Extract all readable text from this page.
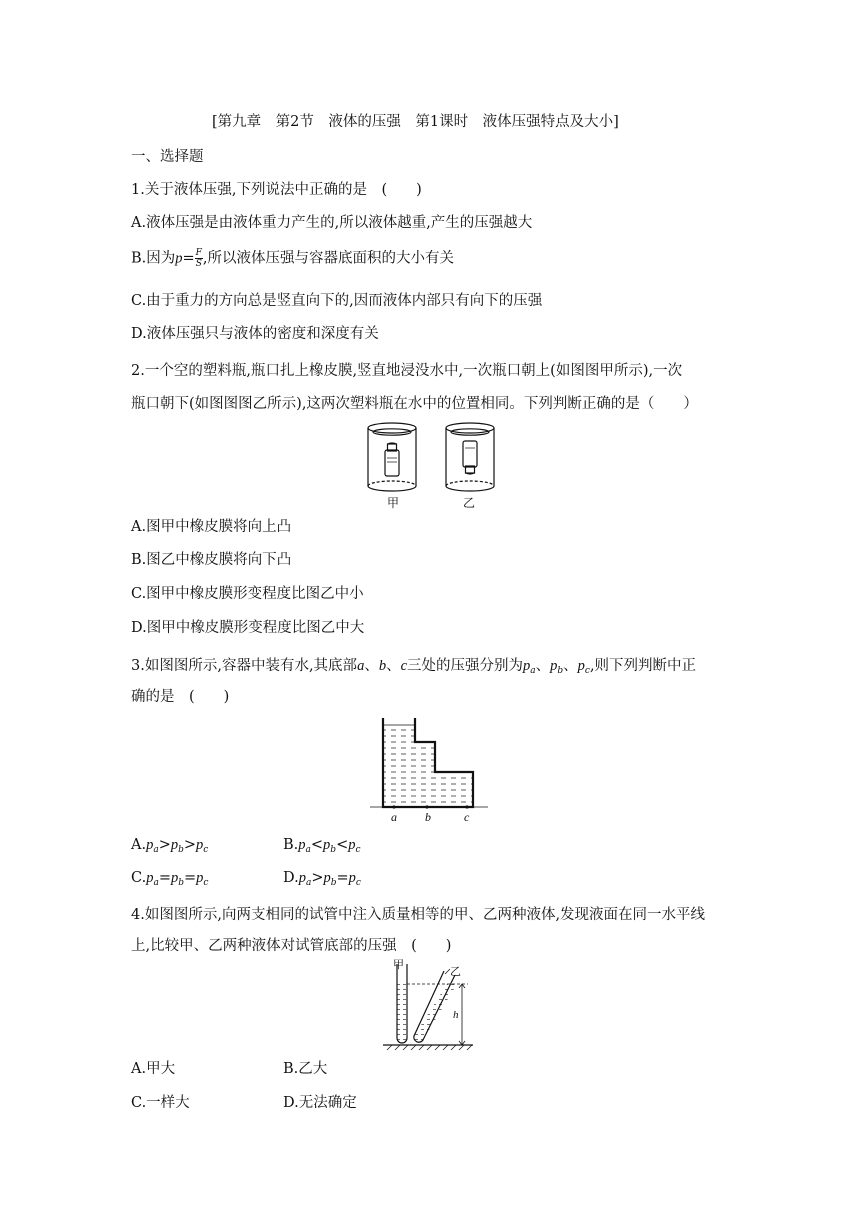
[第九章　第2节　液体的压强　第1课时　液体压强特点及大小]
一、选择题
1.关于液体压强,下列说法中正确的是　(　　)
A.液体压强是由液体重力产生的,所以液体越重,产生的压强越大
B.因为$p= \frac{F}{S}$ ,所以液体压强与容器底面积的大小有关
C.由于重力的方向总是竖直向下的,因而液体内部只有向下的压强
D.液体压强只与液体的密度和深度有关
2.一个空的塑料瓶,瓶口扎上橡皮膜,竖直地浸没水中,一次瓶口朝上(如图图甲所示),一次
瓶口朝下(如图图图乙所示),这两次塑料瓶在水中的位置相同。下列判断正确的是（　　）
甲	乙
A.图甲中橡皮膜将向上凸
B.图乙中橡皮膜将向下凸
C.图甲中橡皮膜形变程度比图乙中小
D.图甲中橡皮膜形变程度比图乙中大
3.如图图所示,容器中装有水,其底部a、b、c三处的压强分别为$p_a$、$p_b$、$p_c$,则下列判断中正
确的是　(　　)
a b	c
$A.p_a>p_b>p_c$	$B.p_a<p_b<p_c$
$C.p_a=p_b=p_c$	$D.p_a>p_b=p_c$
4.如图图所示,向两支相同的试管中注入质量相等的甲、乙两种液体,发现液面在同一水平线
上,比较甲、乙两种液体对试管底部的压强　(　　)
甲
乙
h
A.甲大	B.乙大
C.一样大	D.无法确定
